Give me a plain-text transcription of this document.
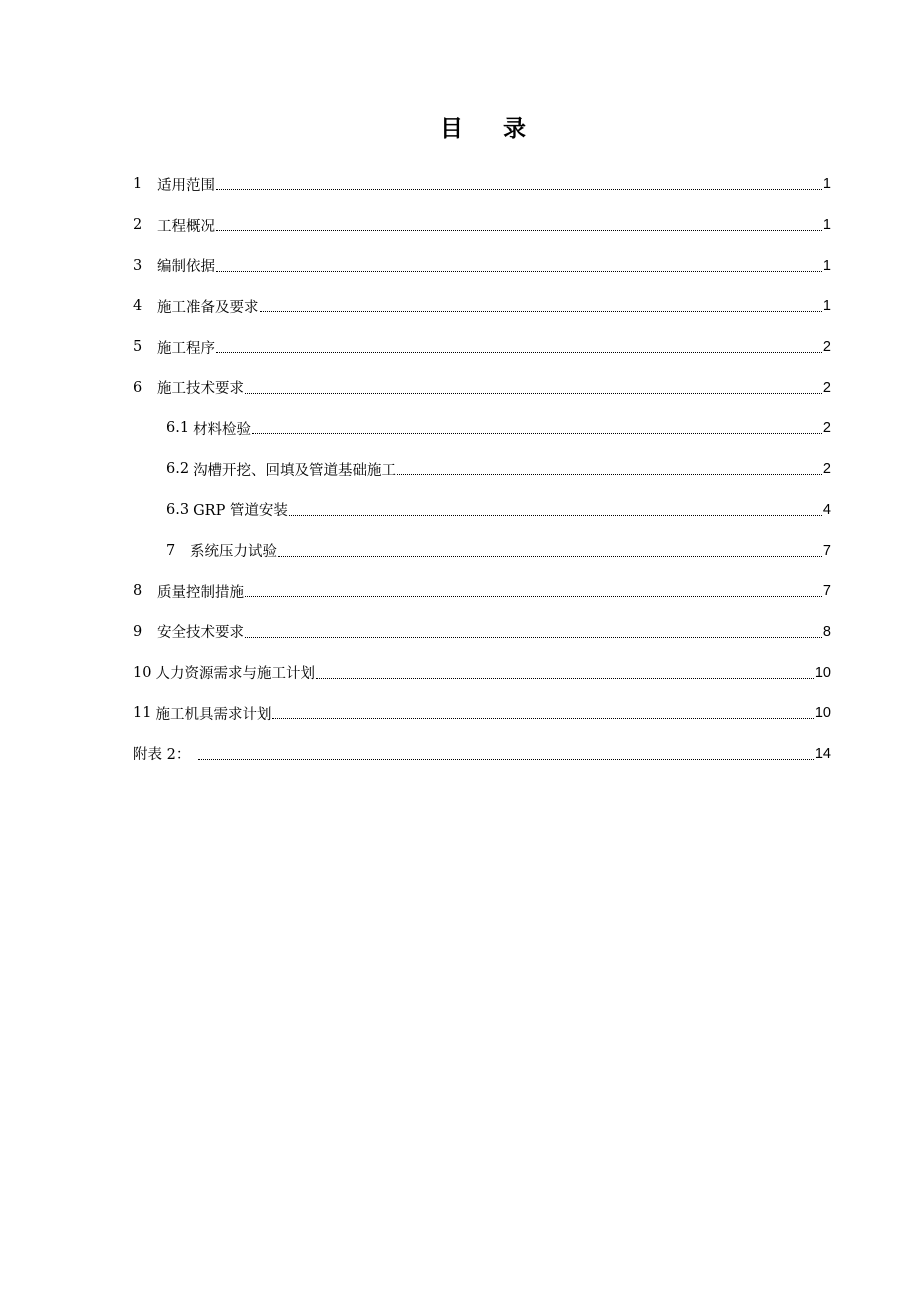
目 录
1	适用范围	1
2	工程概况	1
3	编制依据	1
4	施工准备及要求	1
5	施工程序	2
6	施工技术要求	2
6.1 材料检验	2
6.2 沟槽开挖、回填及管道基础施工	2
6.3 GRP 管道安装	4
7	系统压力试验	7
8	质量控制措施	7
9	安全技术要求	8
10 人力资源需求与施工计划	10
11 施工机具需求计划	10
附表 2：	14
